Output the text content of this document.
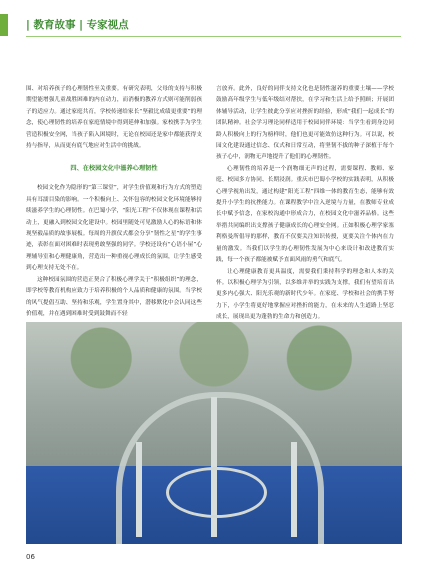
| 教育故事 | 专家视点

围、对培养孩子的心理韧性至关重要。有研究表明，父母的支持与积极期望能增强儿童战胜困难的内在动力，而消极的教养方式则可能削弱孩子的适应力。通过家庭共育，学校传递给家长“坚毅比成绩更重要”的理念，使心理韧性的培养在家庭情境中得到延伸和加强。家校携手为学生营造积极安全网，当孩子陷入困境时，无论在校园还是家中都能获得支持与指导，从而更有底气地应对生活中的挑战。

四、在校园文化中滋养心理韧性

校园文化作为隐形的“第三课堂”，对学生价值观和行为方式的塑造具有耳濡目染的影响。一个积极向上、关怀包容的校园文化环境能够持续滋养学生的心理韧性。在巴蜀小学，“阳光工程”不仅体现在课程和活动上，更融入到校园文化建设中。校园里随处可见激励人心的标语和体现坚毅品质的故事展板。每周的升旗仪式都会分享“韧性之星”的学生事迹，表彰在面对困难时表现勇敢坚强的同学。学校还设有“心语小屋”心理辅导室和心理健康角，营造出一种重视心理成长的氛围，让学生感受到心理支持无处不在。

这种校园氛围的营造正契合了积极心理学关于“积极组织”的理念，即学校等教育机构应致力于培养积极的个人品质和健康的氛围。当学校的风气提倡互助、坚持和乐观，学生置身其中，潜移默化中会认同这些价值观，并在遇到困难时受到鼓舞而不轻

言放弃。此外，良好的同伴支持文化也是韧性滋养的重要土壤——学校鼓励高年级学生与低年级结对帮扶，在学习和生活上给予照顾；开展团体辅导活动，让学生彼此分享应对挫折的经验，形成“我们一起成长”的团队精神。社会学习理论同样适用于校园同伴环境：当学生看到身边同龄人积极向上的行为榜样时，他们也更可能效仿这种行为。可以说，校园文化建设通过信念、仪式和日常互动，将坚韧不拔的种子深植于每个孩子心中，润物无声地提升了他们的心理韧性。

心理韧性的培养是一个润物细无声的过程，需要课程、教师、家庭、校园多方协同、长期浸润。重庆市巴蜀小学校的实践表明，从积极心理学视角出发，通过构建“阳光工程”四维一体的教育生态，能够有效提升小学生的抗挫能力。在课程教学中注入逆境与力量，在教师专业成长中赋予信念，在家校沟通中形成合力，在校园文化中滋养品格。这些举措共同编织出支撑孩子健康成长的心理安全网。正如积极心理学家塞利格曼所倡导的那样，教育不仅要关注知识传授，更要关注个体内在力量的激发。当我们以学生的心理韧性发展为中心来设计和改进教育实践，每一个孩子都能被赋予直面风雨的勇气和底气。

让心理健康教育更具温度，需要我们秉持科学的理念和人本的关怀。以积极心理学为引领，以多维并举的实践为支撑，我们有望培育出更多内心强大、阳光乐观的新时代少年。在家庭、学校和社会的携手努力下，小学生将更好地掌握应对挫折的能力，在未来的人生道路上坚忍成长，展现出更为蓬勃的生命力和创造力。

06
